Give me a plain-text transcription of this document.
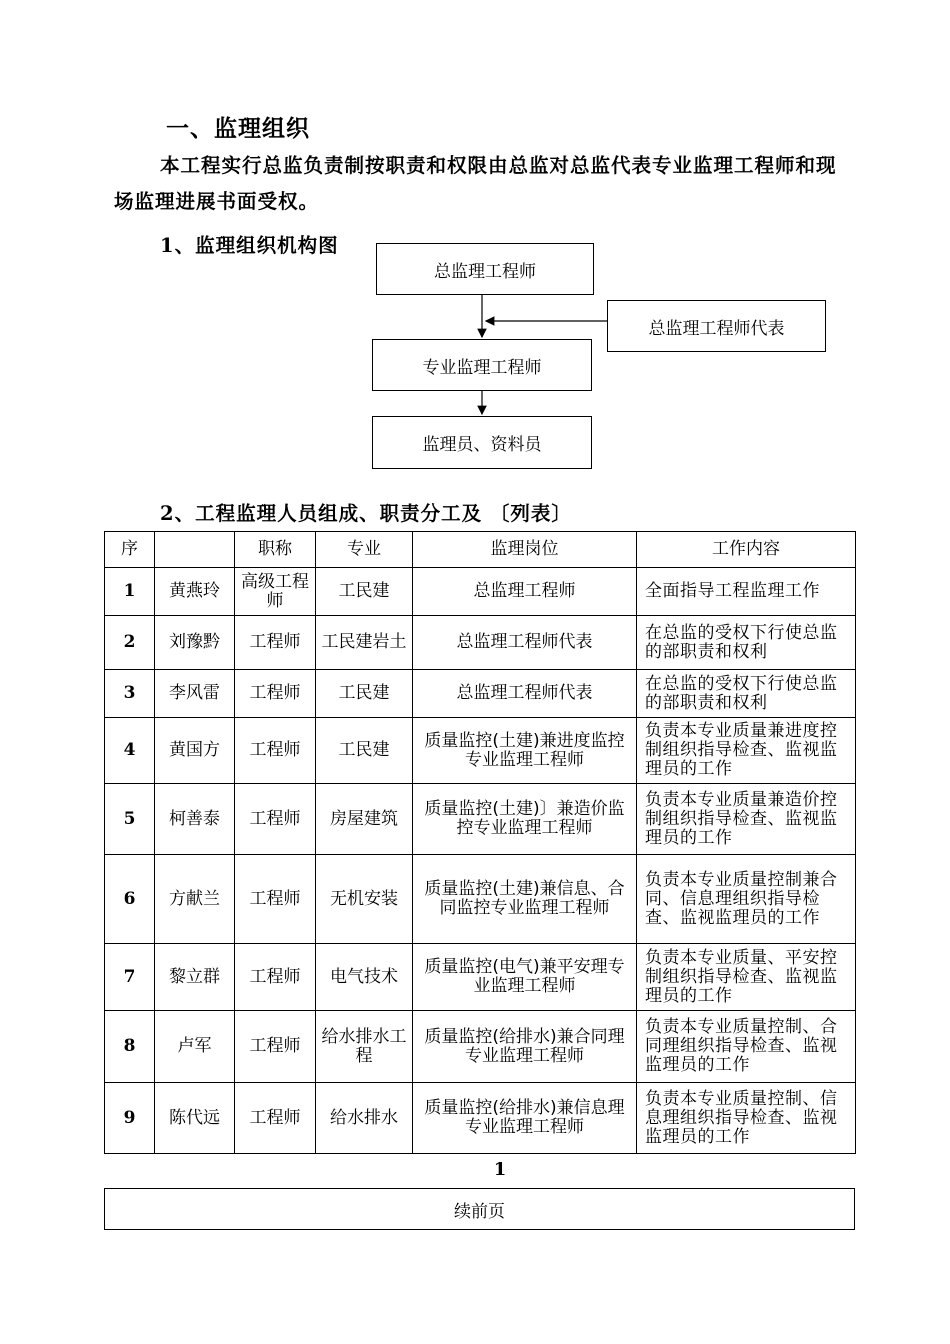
一、监理组织
本工程实行总监负责制按职责和权限由总监对总监代表专业监理工程师和现场监理进展书面受权。
1、监理组织机构图
总监理工程师
总监理工程师代表
专业监理工程师
监理员、资料员
2、工程监理人员组成、职责分工及 〔列表〕
序		职称	专业	监理岗位	工作内容
1	黄燕玲	高级工程师	工民建	总监理工程师	全面指导工程监理工作
2	刘豫黔	工程师	工民建岩土	总监理工程师代表	在总监的受权下行使总监的部职责和权利
3	李风雷	工程师	工民建	总监理工程师代表	在总监的受权下行使总监的部职责和权利
4	黄国方	工程师	工民建	质量监控(土建)兼进度监控专业监理工程师	负责本专业质量兼进度控制组织指导检查、监视监理员的工作
5	柯善泰	工程师	房屋建筑	质量监控(土建)〕兼造价监控专业监理工程师	负责本专业质量兼造价控制组织指导检查、监视监理员的工作
6	方献兰	工程师	无机安装	质量监控(土建)兼信息、合同监控专业监理工程师	负责本专业质量控制兼合同、信息理组织指导检查、监视监理员的工作
7	黎立群	工程师	电气技术	质量监控(电气)兼平安理专业监理工程师	负责本专业质量、平安控制组织指导检查、监视监理员的工作
8	卢军	工程师	给水排水工程	质量监控(给排水)兼合同理专业监理工程师	负责本专业质量控制、合同理组织指导检查、监视监理员的工作
9	陈代远	工程师	给水排水	质量监控(给排水)兼信息理专业监理工程师	负责本专业质量控制、信息理组织指导检查、监视监理员的工作
1
续前页
